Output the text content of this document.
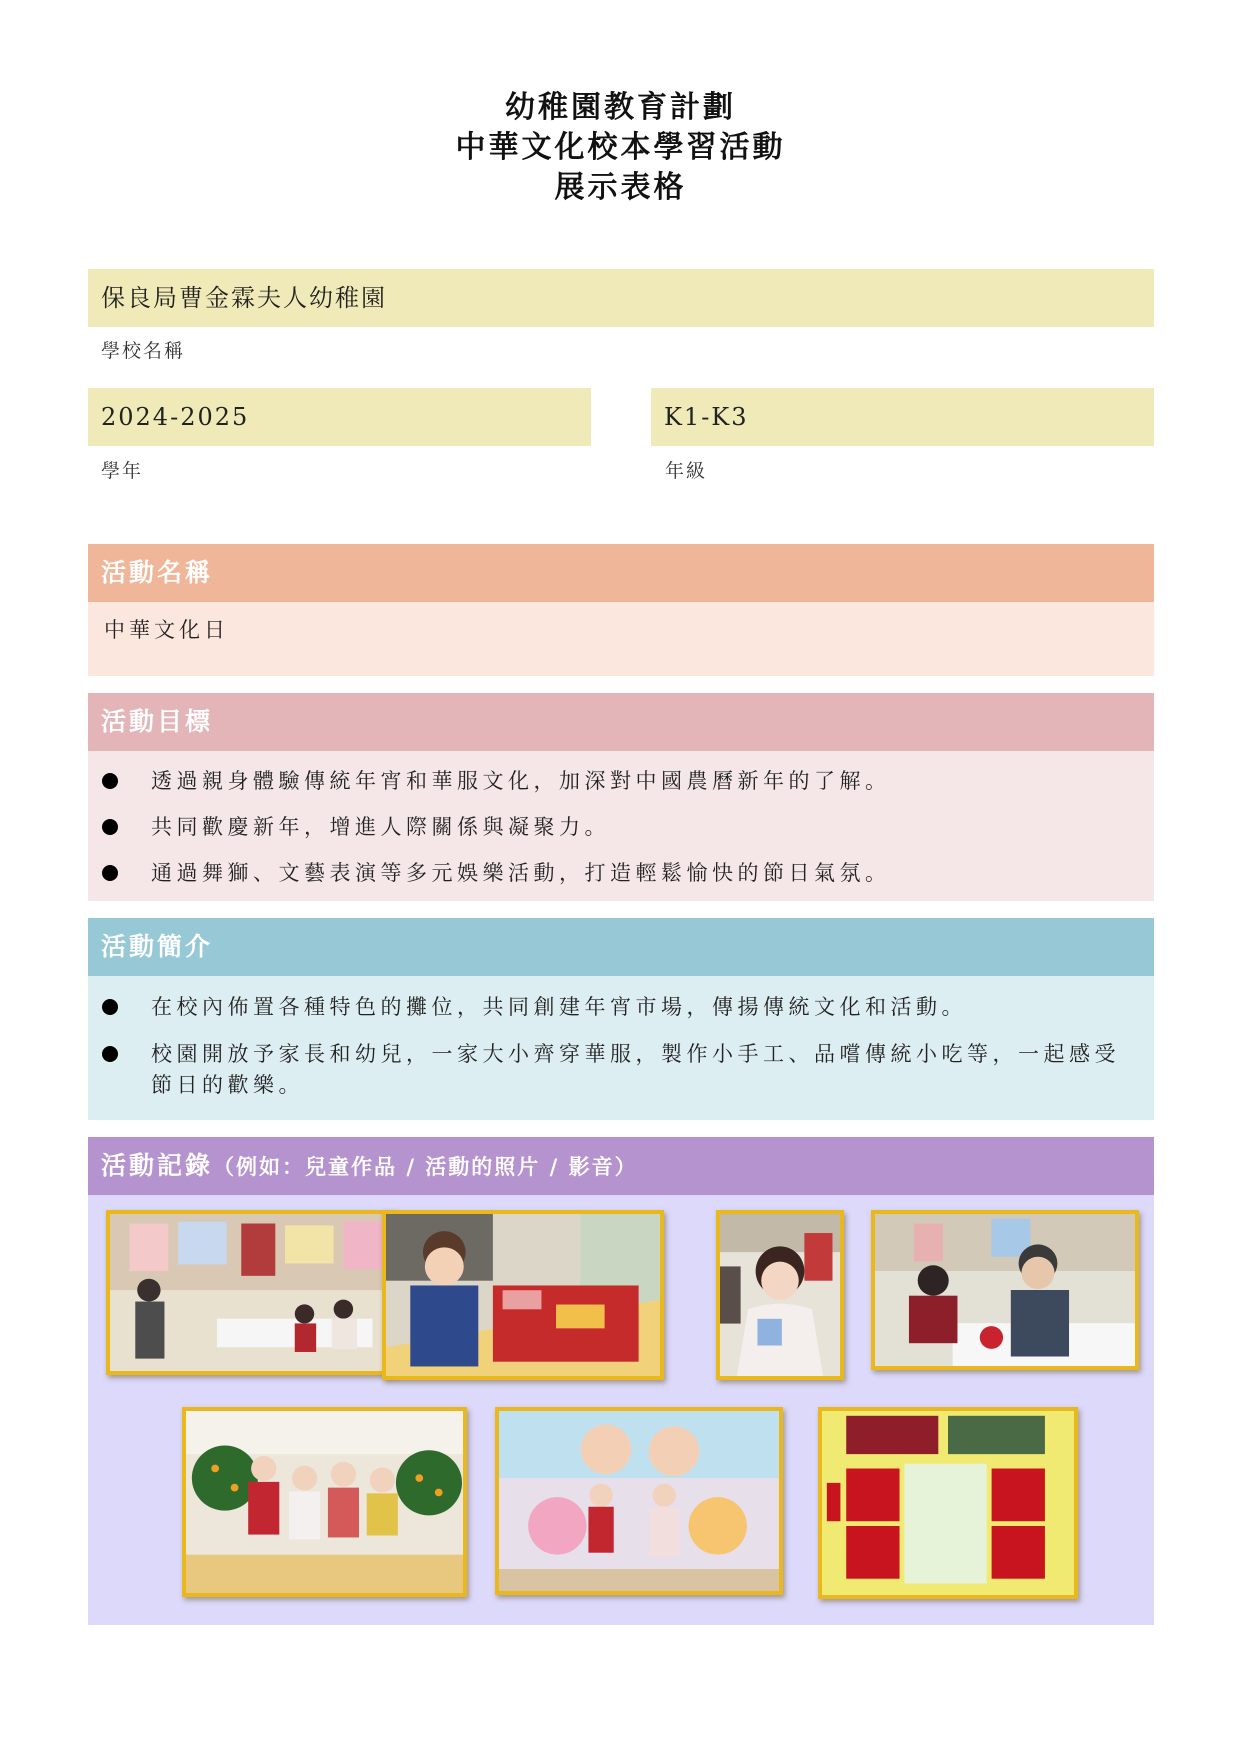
幼稚園教育計劃
中華文化校本學習活動
展示表格
保良局曹金霖夫人幼稚園
學校名稱
2024-2025
學年
K1-K3
年級
活動名稱
中華文化日
活動目標
透過親身體驗傳統年宵和華服文化，加深對中國農曆新年的了解。
共同歡慶新年，增進人際關係與凝聚力。
通過舞獅、文藝表演等多元娛樂活動，打造輕鬆愉快的節日氣氛。
活動簡介
在校內佈置各種特色的攤位，共同創建年宵市場，傳揚傳統文化和活動。
校園開放予家長和幼兒，一家大小齊穿華服，製作小手工、品嚐傳統小吃等，一起感受節日的歡樂。
活動記錄（例如：兒童作品 / 活動的照片 / 影音）
